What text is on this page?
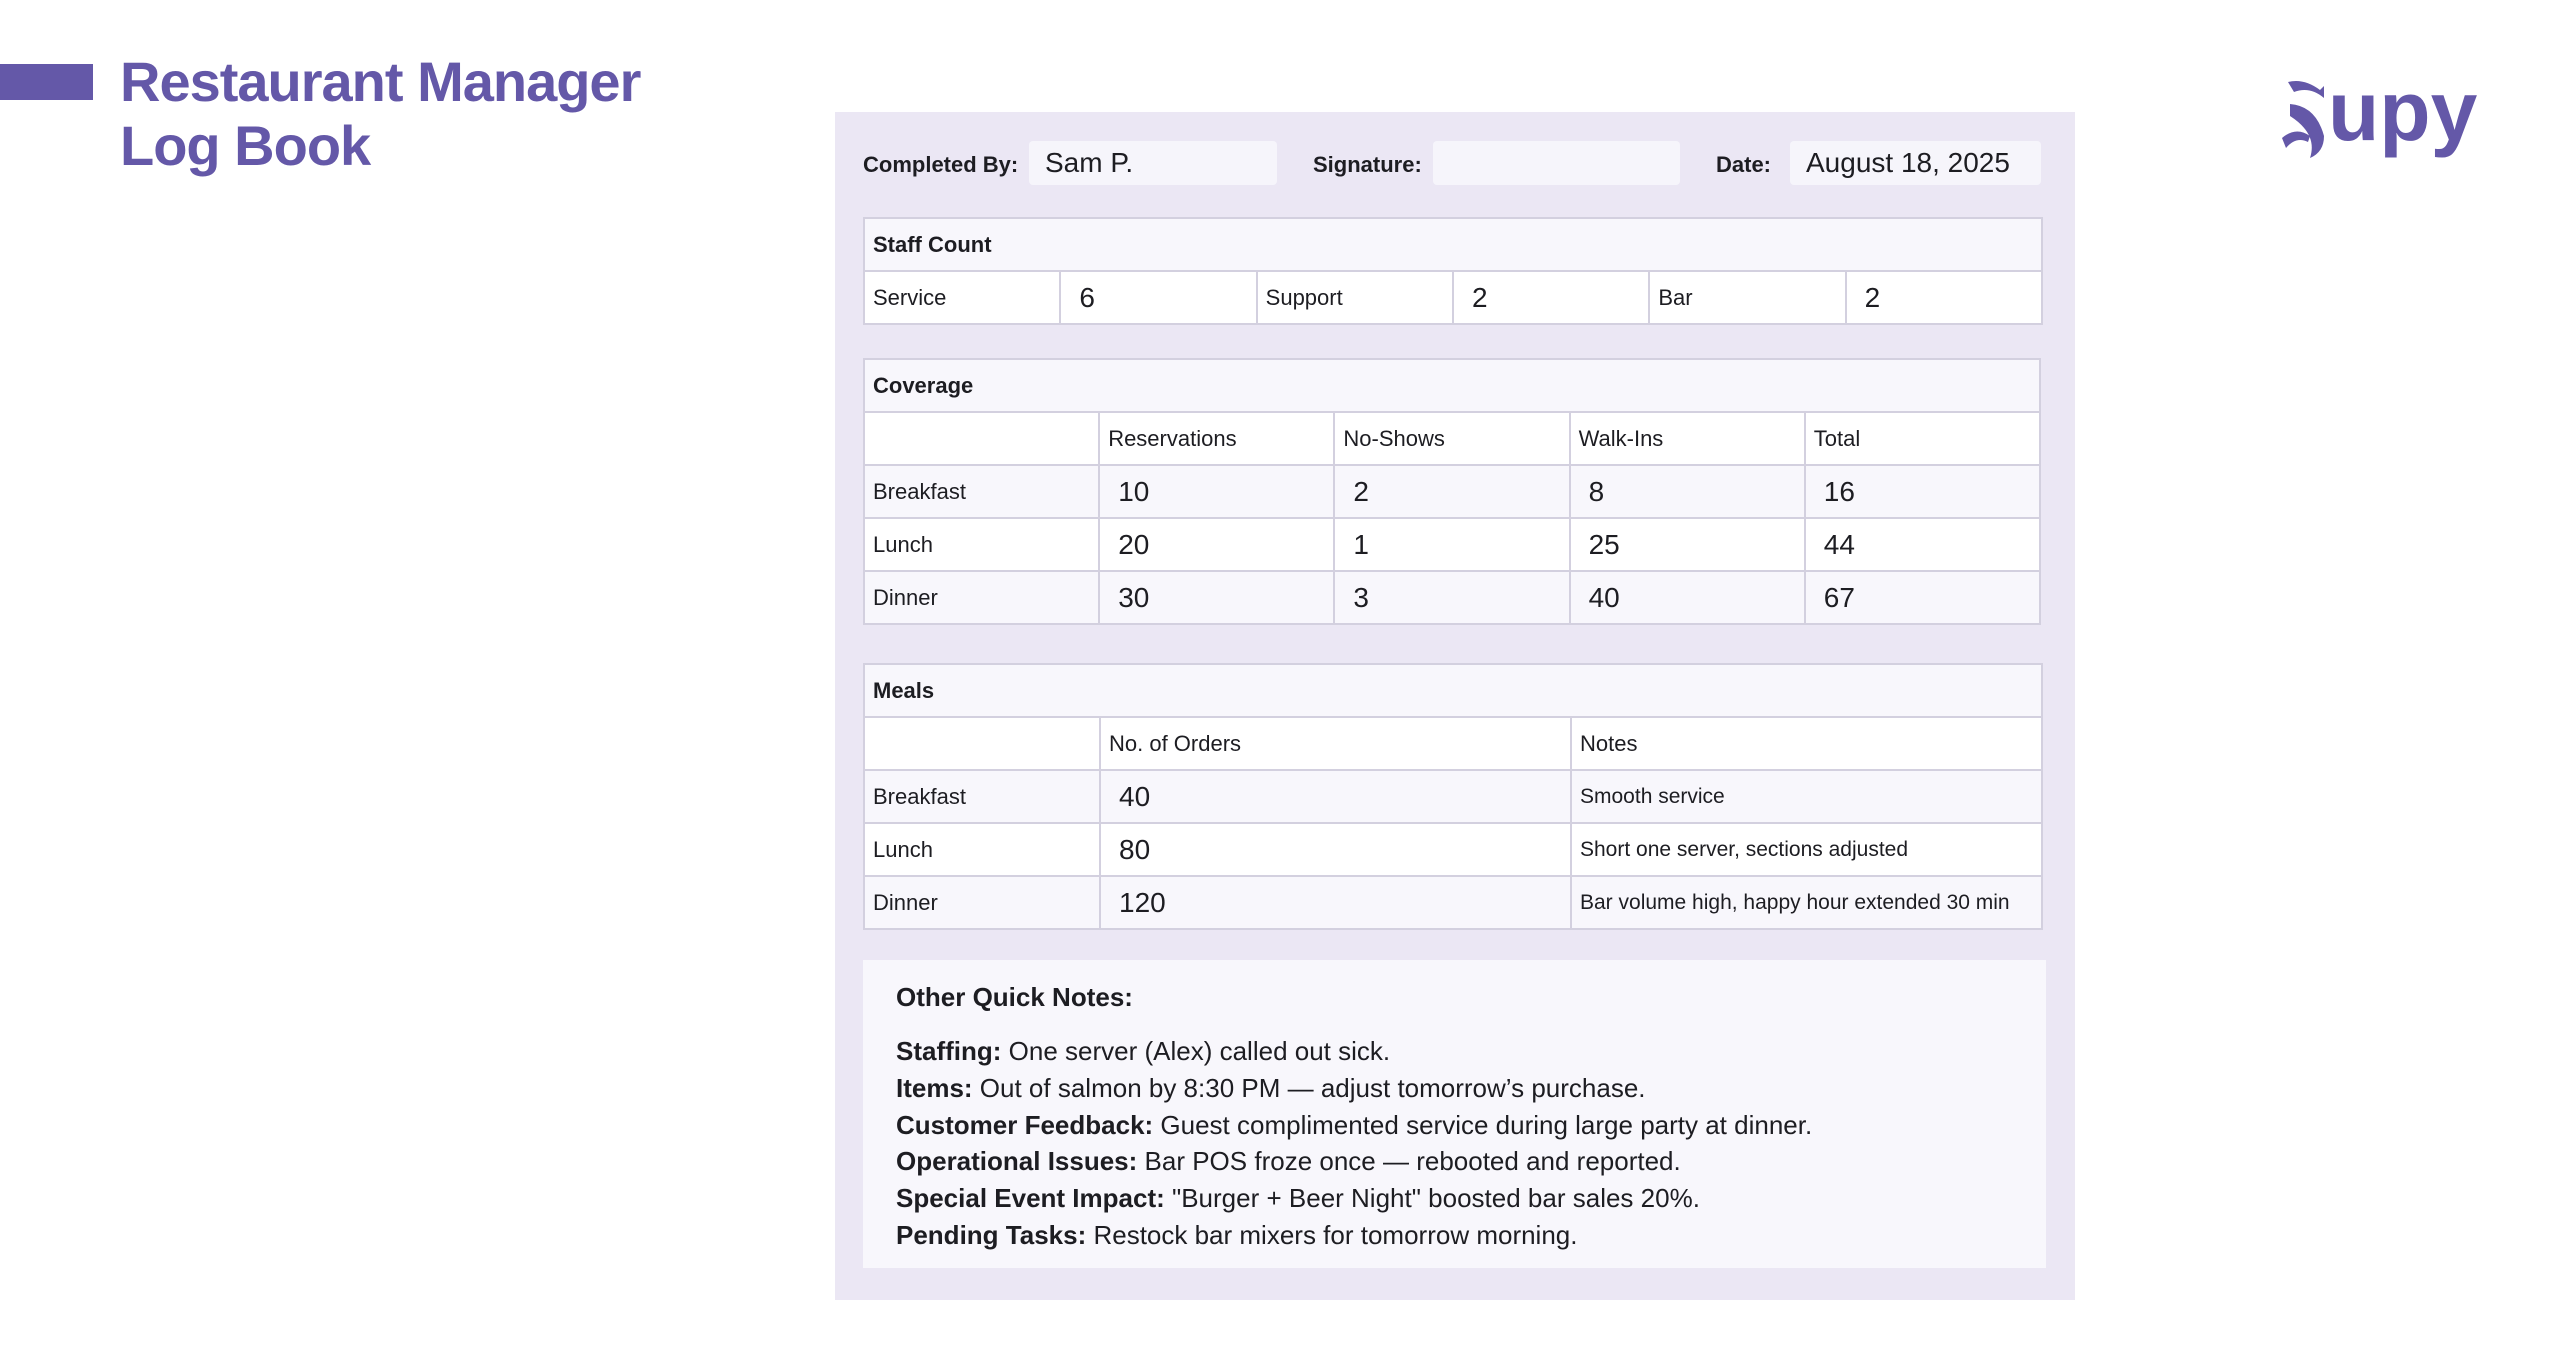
Restaurant Manager
Log Book	upy
Completed By: Sam P.	Signature:	Date:	August 18, 2025
Staff Count
Service	6	Support	2	Bar	2
Coverage				
	Reservations	No-Shows	Walk-Ins	Total
Breakfast	10	2	8	16
Lunch	20	1	25	44
Dinner	30	3	40	67
Meals		
	No. of Orders	Notes
Breakfast	40	Smooth service
Lunch	80	Short one server, sections adjusted
Dinner	120	Bar volume high, happy hour extended 30 min
Other Quick Notes:

Staffing: One server (Alex) called out sick.

Items: Out of salmon by 8:30 PM — adjust tomorrow’s purchase.

Customer Feedback: Guest complimented service during large party at dinner.

Operational Issues: Bar POS froze once — rebooted and reported.

Special Event Impact: "Burger + Beer Night" boosted bar sales 20%.

Pending Tasks: Restock bar mixers for tomorrow morning.
